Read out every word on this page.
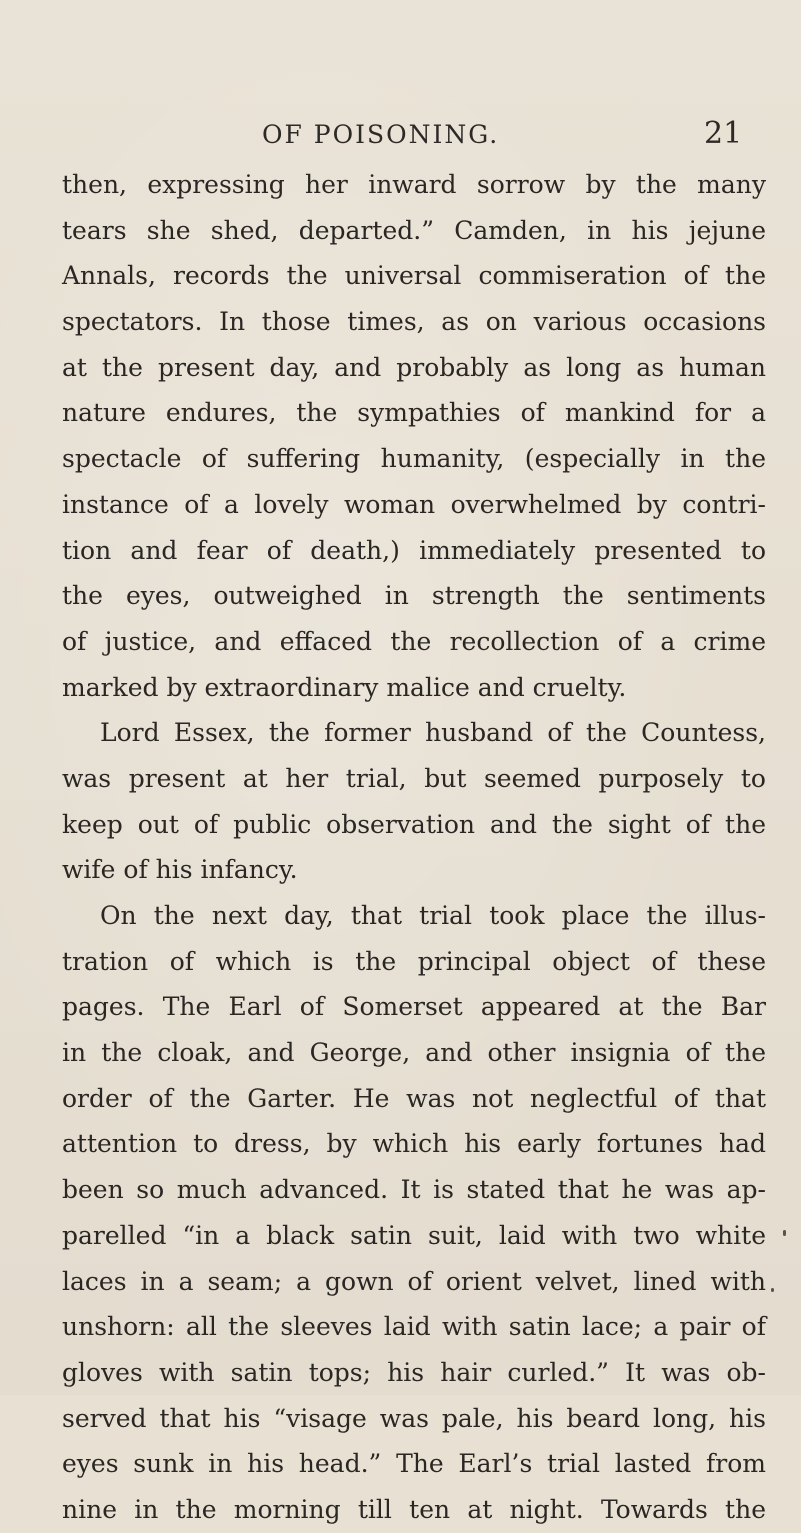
OF POISONING.	21
then, expressing her inward sorrow by the many
tears she shed, departed.” Camden, in his jejune
Annals, records the universal commiseration of the
spectators. In those times, as on various occasions
at the present day, and probably as long as human
nature endures, the sympathies of mankind for a
spectacle of suffering humanity, (especially in the
instance of a lovely woman overwhelmed by contri-
tion and fear of death,) immediately presented to
the eyes, outweighed in strength the sentiments
of justice, and effaced the recollection of a crime
marked by extraordinary malice and cruelty.
Lord Essex, the former husband of the Countess,
was present at her trial, but seemed purposely to
keep out of public observation and the sight of the
wife of his infancy.
On the next day, that trial took place the illus-
tration of which is the principal object of these
pages. The Earl of Somerset appeared at the Bar
in the cloak, and George, and other insignia of the
order of the Garter. He was not neglectful of that
attention to dress, by which his early fortunes had
been so much advanced. It is stated that he was ap-
parelled “in a black satin suit, laid with two white
laces in a seam; a gown of orient velvet, lined with
unshorn: all the sleeves laid with satin lace; a pair of
gloves with satin tops; his hair curled.” It was ob-
served that his “visage was pale, his beard long, his
eyes sunk in his head.” The Earl’s trial lasted from
nine in the morning till ten at night. Towards the
